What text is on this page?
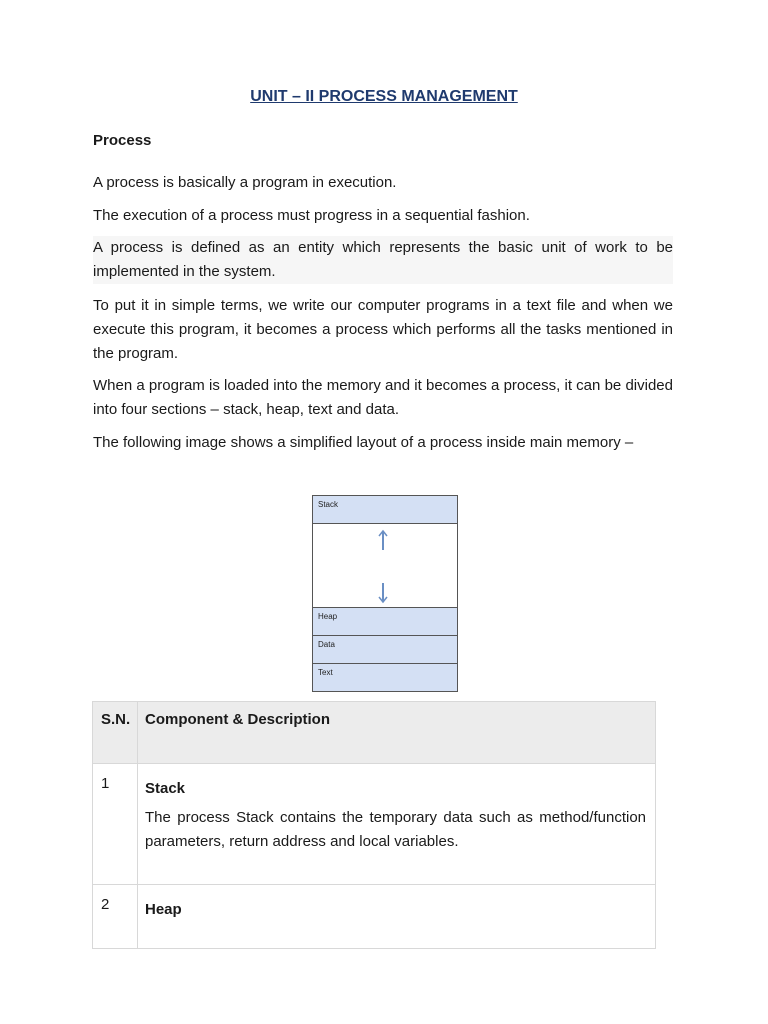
UNIT – II PROCESS MANAGEMENT
Process
A process is basically a program in execution.
The execution of a process must progress in a sequential fashion.
A process is defined as an entity which represents the basic unit of work to be implemented in the system.
To put it in simple terms, we write our computer programs in a text file and when we execute this program, it becomes a process which performs all the tasks mentioned in the program.
When a program is loaded into the memory and it becomes a process, it can be divided into four sections – stack, heap, text and data.
The following image shows a simplified layout of a process inside main memory –
Stack
Heap
Data
Text
S.N.	Component & Description
1	Stack
The process Stack contains the temporary data such as method/function parameters, return address and local variables.

2	Heap
